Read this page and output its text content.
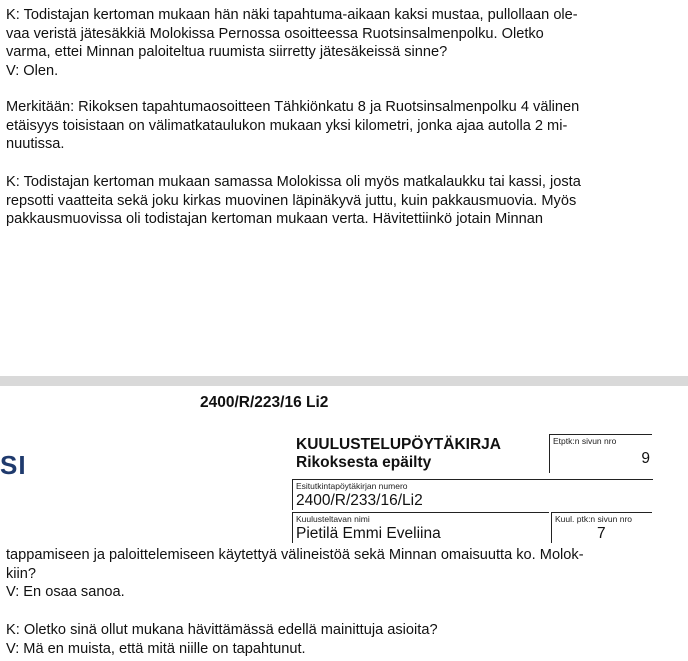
K: Todistajan kertoman mukaan hän näki tapahtuma-aikaan kaksi mustaa, pullollaan ole-
vaa veristä jätesäkkiä Molokissa Pernossa osoitteessa Ruotsinsalmenpolku. Oletko
varma, ettei Minnan paloiteltua ruumista siirretty jätesäkeissä sinne?
V: Olen.
Merkitään: Rikoksen tapahtumaosoitteen Tähkiönkatu 8 ja Ruotsinsalmenpolku 4 välinen
etäisyys toisistaan on välimatkataulukon mukaan yksi kilometri, jonka ajaa autolla 2 mi-
nuutissa.
K: Todistajan kertoman mukaan samassa Molokissa oli myös matkalaukku tai kassi, josta
repsotti vaatteita sekä joku kirkas muovinen läpinäkyvä juttu, kuin pakkausmuovia. Myös
pakkausmuovissa oli todistajan kertoman mukaan verta. Hävitettiinkö jotain Minnan
2400/R/223/16 Li2
SI
KUULUSTELUPÖYTÄKIRJA
Rikoksesta epäilty
Etptk:n sivun nro
9
Esitutkintapöytäkirjan numero
2400/R/233/16/Li2
Kuulusteltavan nimi
Pietilä Emmi Eveliina
Kuul. ptk:n sivun nro
7
tappamiseen ja paloittelemiseen käytettyä välineistöä sekä Minnan omaisuutta ko. Molok-
kiin?
V: En osaa sanoa.
K: Oletko sinä ollut mukana hävittämässä edellä mainittuja asioita?
V: Mä en muista, että mitä niille on tapahtunut.
